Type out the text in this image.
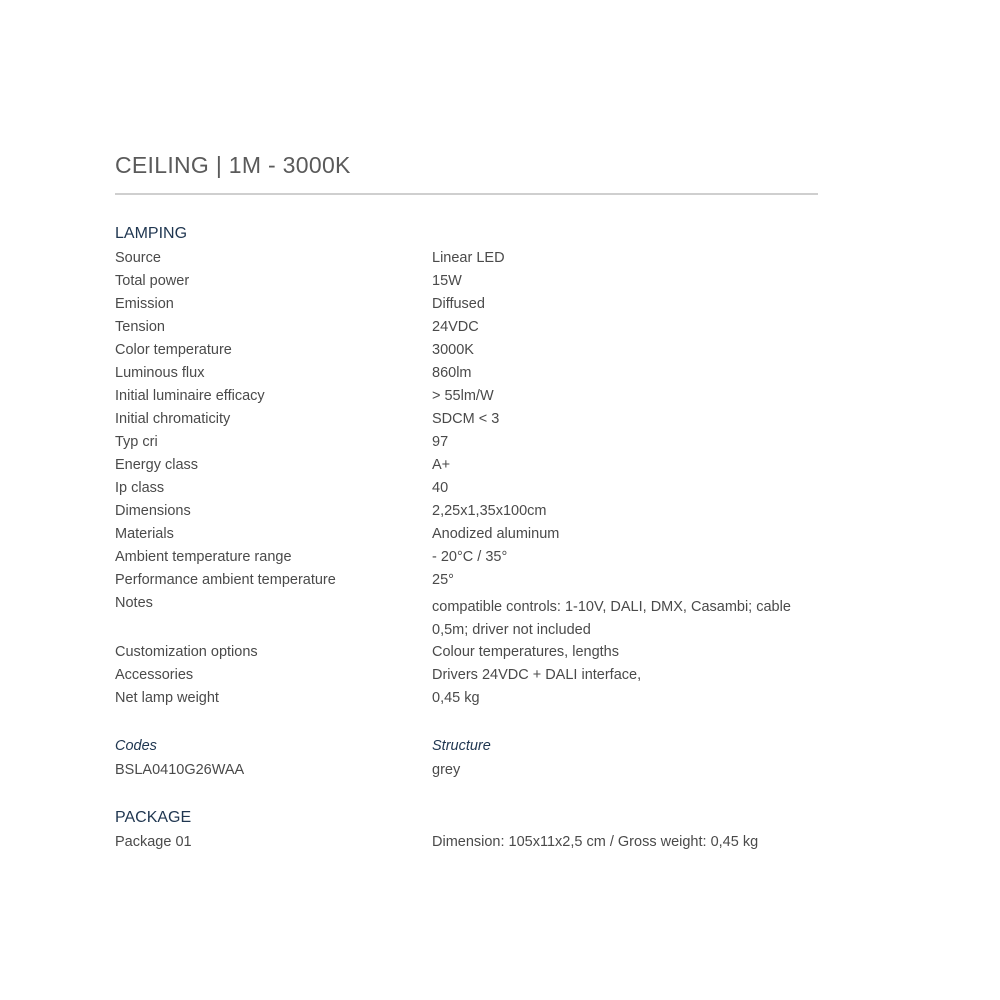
CEILING | 1M - 3000K
LAMPING
Source	Linear LED
Total power	15W
Emission	Diffused
Tension	24VDC
Color temperature	3000K
Luminous flux	860lm
Initial luminaire efficacy	> 55lm/W
Initial chromaticity	SDCM < 3
Typ cri	97
Energy class	A+
Ip class	40
Dimensions	2,25x1,35x100cm
Materials	Anodized aluminum
Ambient temperature range	- 20°C / 35°
Performance ambient temperature	25°
Notes	compatible controls: 1-10V, DALI, DMX, Casambi; cable 0,5m; driver not included
Customization options	Colour temperatures, lengths
Accessories	Drivers 24VDC + DALI interface,
Net lamp weight	0,45 kg
Codes	Structure
BSLA0410G26WAA	grey
PACKAGE
Package 01	Dimension: 105x11x2,5 cm / Gross weight: 0,45 kg
